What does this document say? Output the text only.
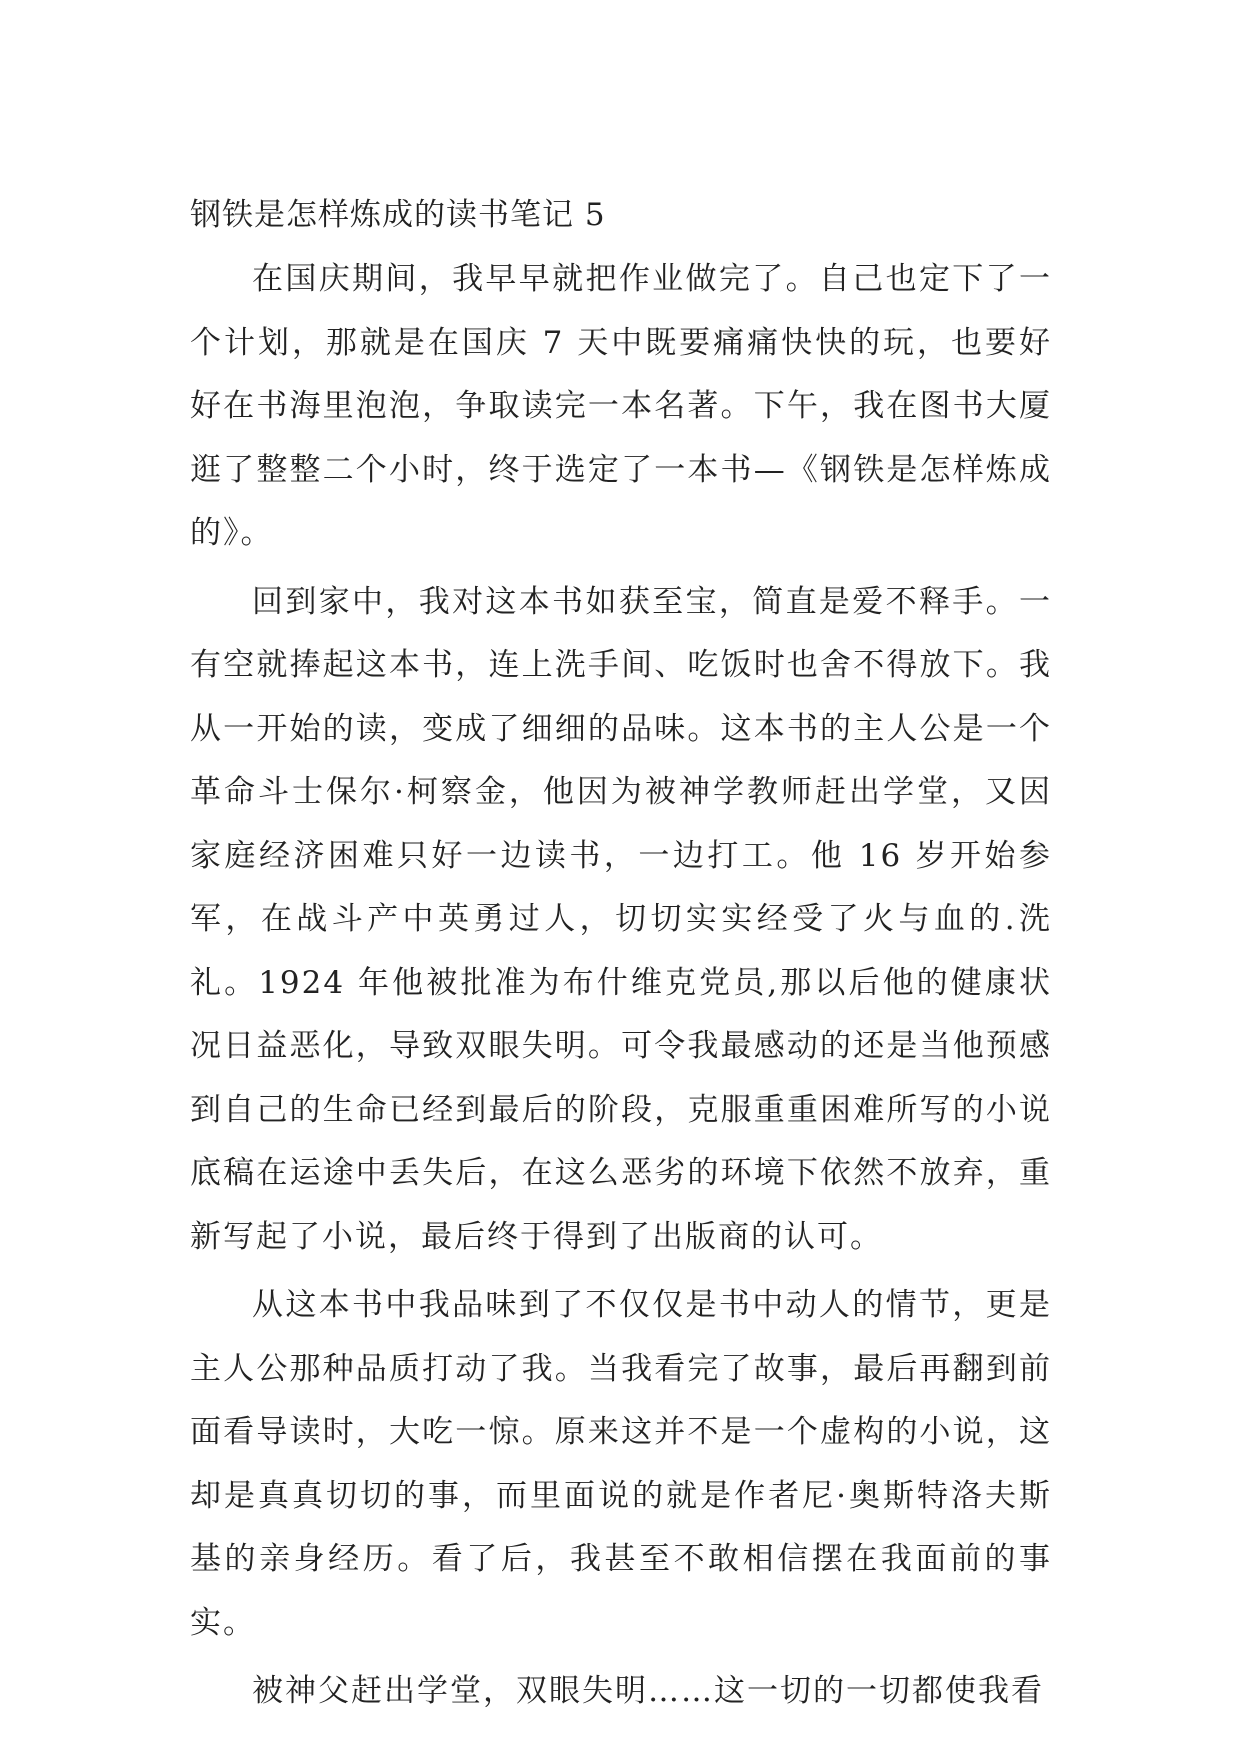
钢铁是怎样炼成的读书笔记 5

在国庆期间，我早早就把作业做完了。自己也定下了一个计划，那就是在国庆 7 天中既要痛痛快快的玩，也要好好在书海里泡泡，争取读完一本名著。下午，我在图书大厦逛了整整二个小时，终于选定了一本书—《钢铁是怎样炼成的》。

回到家中，我对这本书如获至宝，简直是爱不释手。一有空就捧起这本书，连上洗手间、吃饭时也舍不得放下。我从一开始的读，变成了细细的品味。这本书的主人公是一个革命斗士保尔·柯察金，他因为被神学教师赶出学堂，又因家庭经济困难只好一边读书，一边打工。他 16 岁开始参军，在战斗产中英勇过人，切切实实经受了火与血的.洗礼。1924 年他被批准为布什维克党员,那以后他的健康状况日益恶化，导致双眼失明。可令我最感动的还是当他预感到自己的生命已经到最后的阶段，克服重重困难所写的小说底稿在运途中丢失后，在这么恶劣的环境下依然不放弃，重新写起了小说，最后终于得到了出版商的认可。

从这本书中我品味到了不仅仅是书中动人的情节，更是主人公那种品质打动了我。当我看完了故事，最后再翻到前面看导读时，大吃一惊。原来这并不是一个虚构的小说，这却是真真切切的事，而里面说的就是作者尼·奥斯特洛夫斯基的亲身经历。看了后，我甚至不敢相信摆在我面前的事实。

被神父赶出学堂，双眼失明……这一切的一切都使我看
